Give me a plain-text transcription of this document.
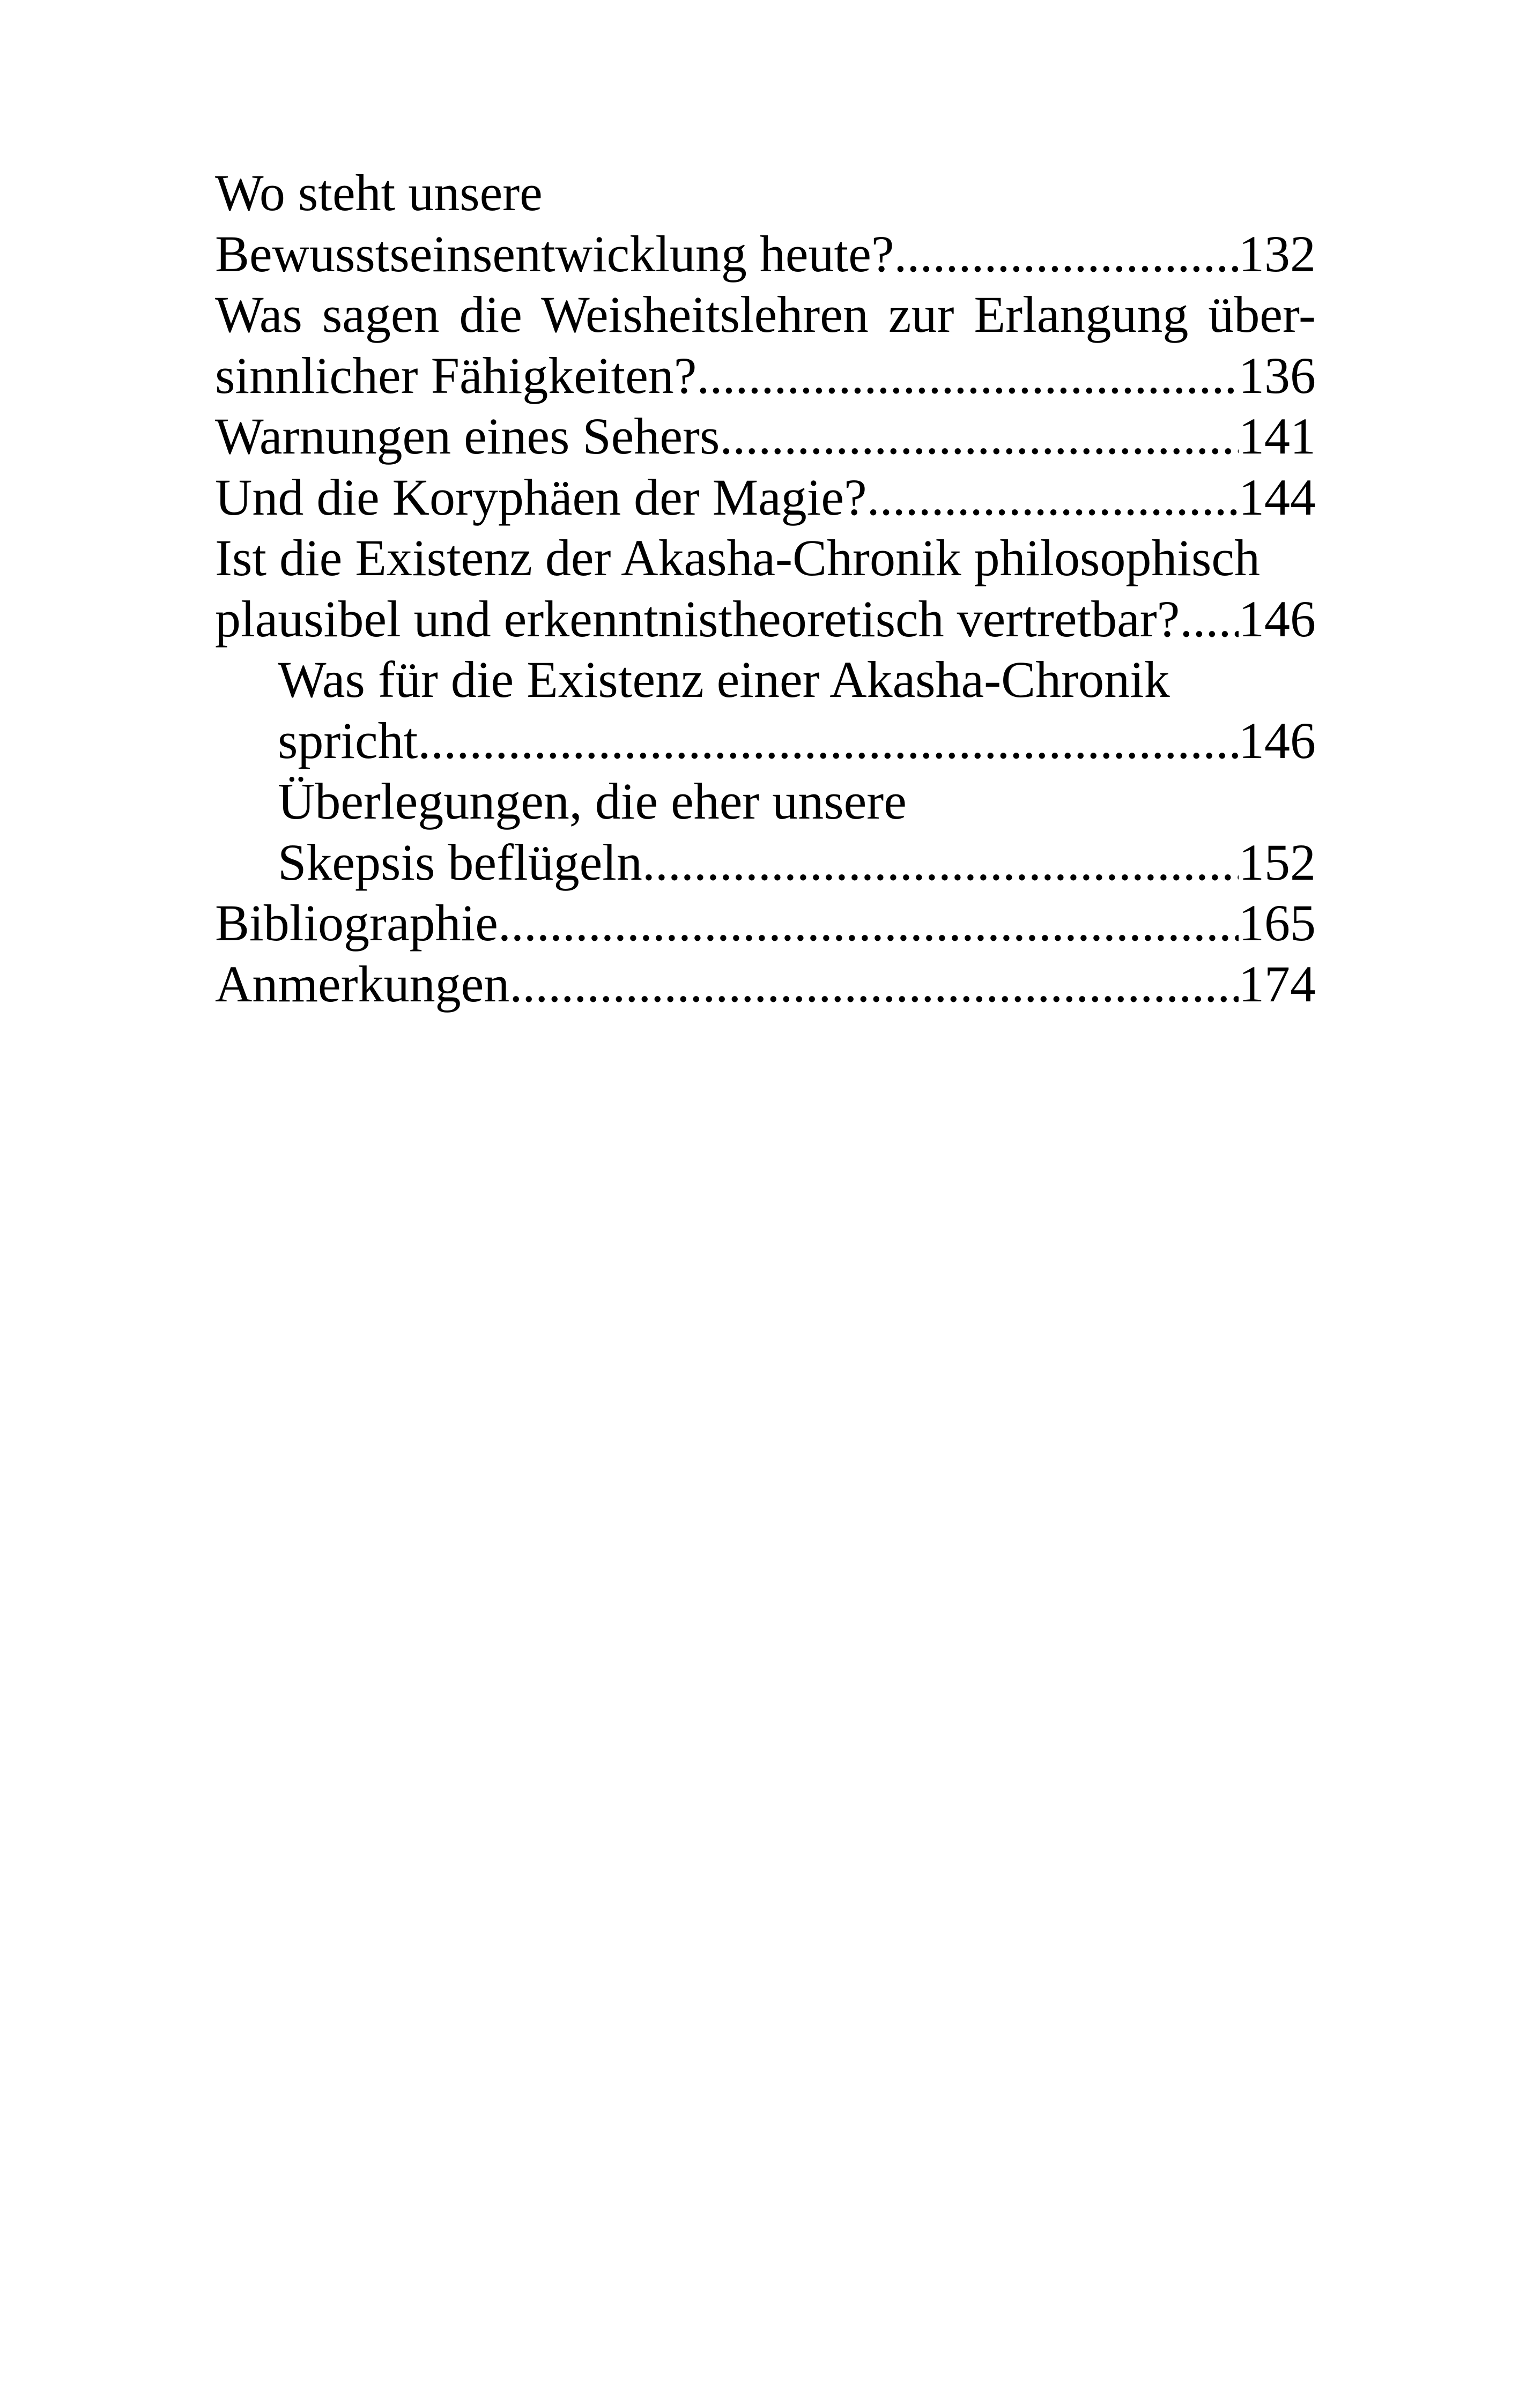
Wo steht unsere
Bewusstseinsentwicklung heute? .....	132
Was sagen die Weisheitslehren zur Erlangung über-
sinnlicher Fähigkeiten? .....	136
Warnungen eines Sehers .....	141
Und die Koryphäen der Magie? .....	144
Ist die Existenz der Akasha-Chronik philosophisch
plausibel und erkenntnistheoretisch vertretbar?. ..... 146
Was für die Existenz einer Akasha-Chronik
spricht .....	146
Überlegungen, die eher unsere
Skepsis beflügeln .....	152
Bibliographie .....	165
Anmerkungen .....	174
